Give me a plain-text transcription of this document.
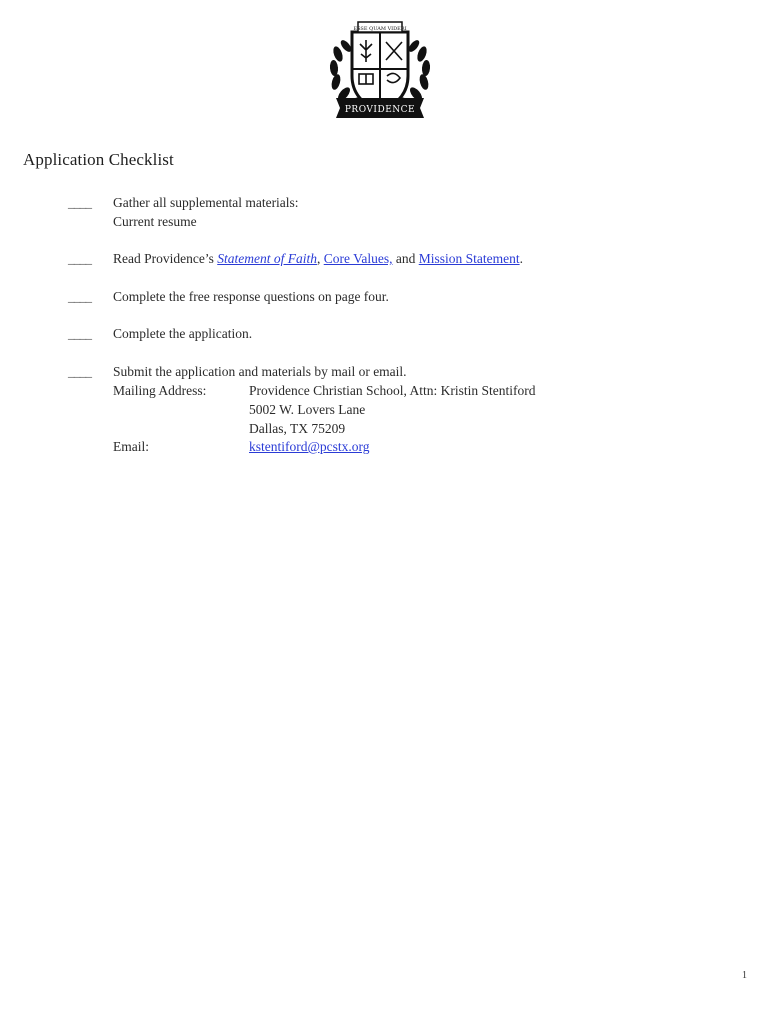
ESSE QUAM VIDERI
PROVIDENCE
Application Checklist
____	Gather all supplemental materials:
Current resume
____	Read Providence’s Statement of Faith, Core Values, and Mission Statement.
____	Complete the free response questions on page four.
____	Complete the application.
____	Submit the application and materials by mail or email.
Mailing Address:	Providence Christian School, Attn: Kristin Stentiford
5002 W. Lovers Lane
Dallas, TX 75209
Email:	kstentiford@pcstx.org
1
